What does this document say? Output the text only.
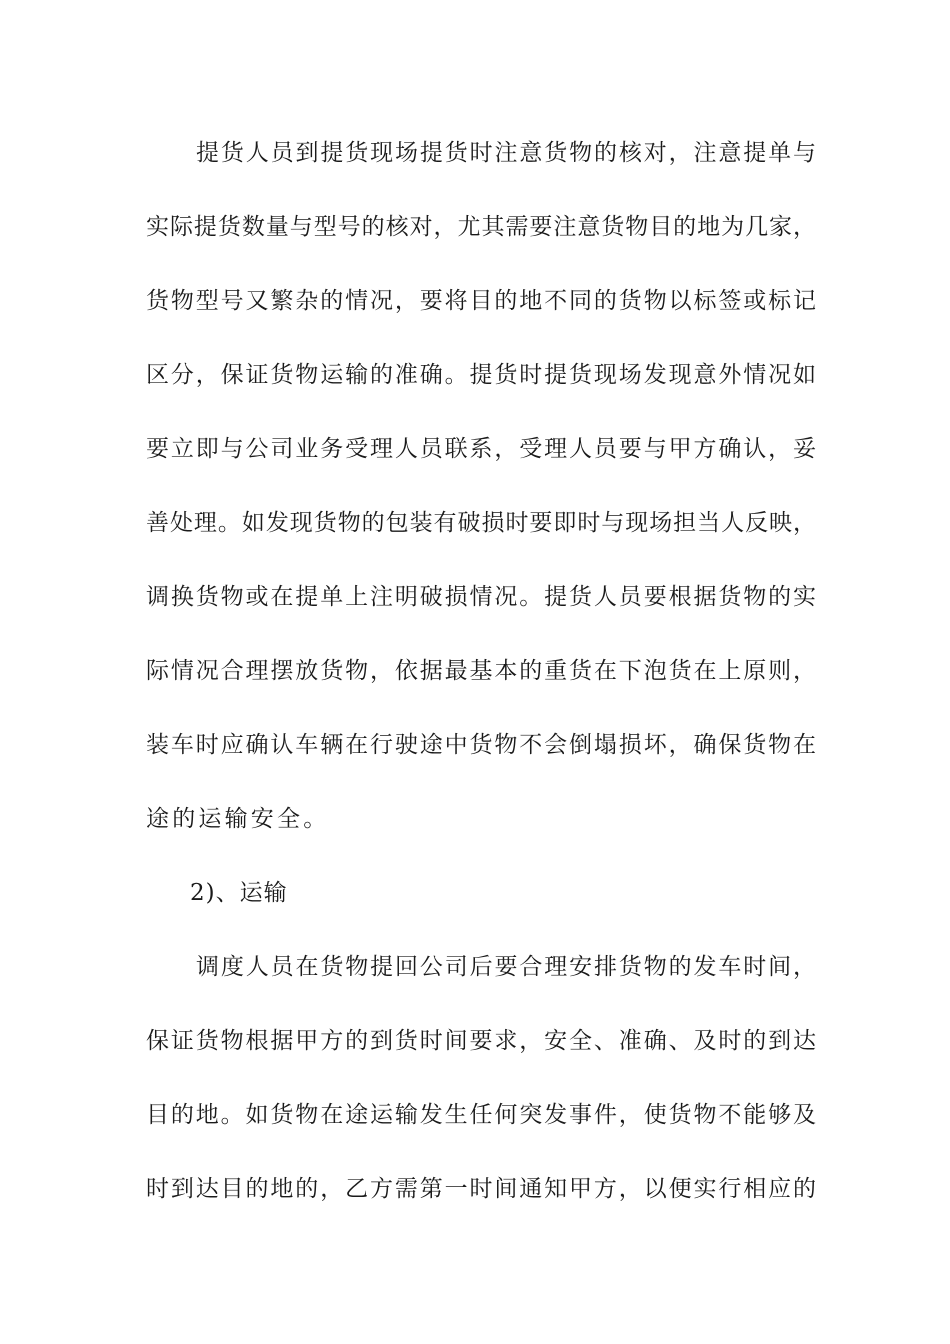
提货人员到提货现场提货时注意货物的核对，注意提单与
实际提货数量与型号的核对，尤其需要注意货物目的地为几家，
货物型号又繁杂的情况，要将目的地不同的货物以标签或标记
区分，保证货物运输的准确。提货时提货现场发现意外情况如
要立即与公司业务受理人员联系，受理人员要与甲方确认，妥
善处理。如发现货物的包装有破损时要即时与现场担当人反映，
调换货物或在提单上注明破损情况。提货人员要根据货物的实
际情况合理摆放货物，依据最基本的重货在下泡货在上原则，
装车时应确认车辆在行驶途中货物不会倒塌损坏，确保货物在
途的运输安全。
2)、运输
调度人员在货物提回公司后要合理安排货物的发车时间，
保证货物根据甲方的到货时间要求，安全、准确、及时的到达
目的地。如货物在途运输发生任何突发事件，使货物不能够及
时到达目的地的，乙方需第一时间通知甲方，以便实行相应的
